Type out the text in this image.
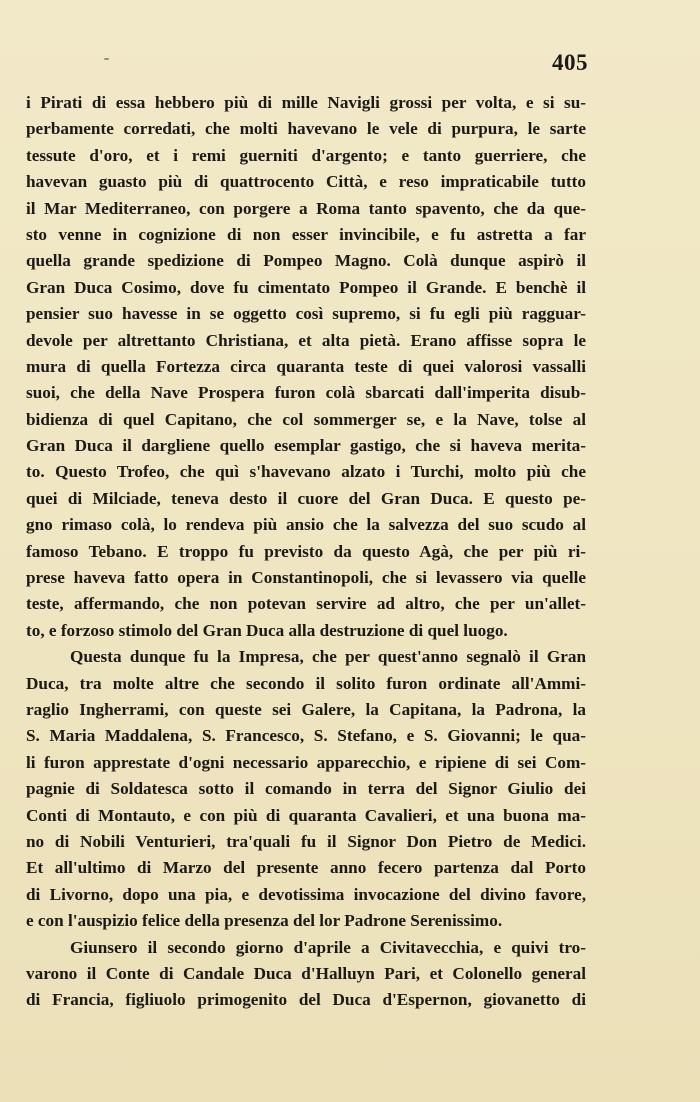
405
i Pirati di essa hebbero più di mille Navigli grossi per volta, e si su-
perbamente corredati, che molti havevano le vele di purpura, le sarte
tessute d'oro, et i remi guerniti d'argento; e tanto guerriere, che
havevan guasto più di quattrocento Città, e reso impraticabile tutto
il Mar Mediterraneo, con porgere a Roma tanto spavento, che da que-
sto venne in cognizione di non esser invincibile, e fu astretta a far
quella grande spedizione di Pompeo Magno. Colà dunque aspirò il
Gran Duca Cosimo, dove fu cimentato Pompeo il Grande. E benchè il
pensier suo havesse in se oggetto così supremo, si fu egli più ragguar-
devole per altrettanto Christiana, et alta pietà. Erano affisse sopra le
mura di quella Fortezza circa quaranta teste di quei valorosi vassalli
suoi, che della Nave Prospera furon colà sbarcati dall'imperita disub-
bidienza di quel Capitano, che col sommerger se, e la Nave, tolse al
Gran Duca il dargliene quello esemplar gastigo, che si haveva merita-
to. Questo Trofeo, che quì s'havevano alzato i Turchi, molto più che
quei di Milciade, teneva desto il cuore del Gran Duca. E questo pe-
gno rimaso colà, lo rendeva più ansio che la salvezza del suo scudo al
famoso Tebano. E troppo fu previsto da questo Agà, che per più ri-
prese haveva fatto opera in Constantinopoli, che si levassero via quelle
teste, affermando, che non potevan servire ad altro, che per un'allet-
to, e forzoso stimolo del Gran Duca alla destruzione di quel luogo.
Questa dunque fu la Impresa, che per quest'anno segnalò il Gran
Duca, tra molte altre che secondo il solito furon ordinate all'Ammi-
raglio Ingherrami, con queste sei Galere, la Capitana, la Padrona, la
S. Maria Maddalena, S. Francesco, S. Stefano, e S. Giovanni; le qua-
li furon apprestate d'ogni necessario apparecchio, e ripiene di sei Com-
pagnie di Soldatesca sotto il comando in terra del Signor Giulio dei
Conti di Montauto, e con più di quaranta Cavalieri, et una buona ma-
no di Nobili Venturieri, tra'quali fu il Signor Don Pietro de Medici.
Et all'ultimo di Marzo del presente anno fecero partenza dal Porto
di Livorno, dopo una pia, e devotissima invocazione del divino favore,
e con l'auspizio felice della presenza del lor Padrone Serenissimo.
Giunsero il secondo giorno d'aprile a Civitavecchia, e quivi tro-
varono il Conte di Candale Duca d'Halluyn Pari, et Colonello general
di Francia, figliuolo primogenito del Duca d'Espernon, giovanetto di
